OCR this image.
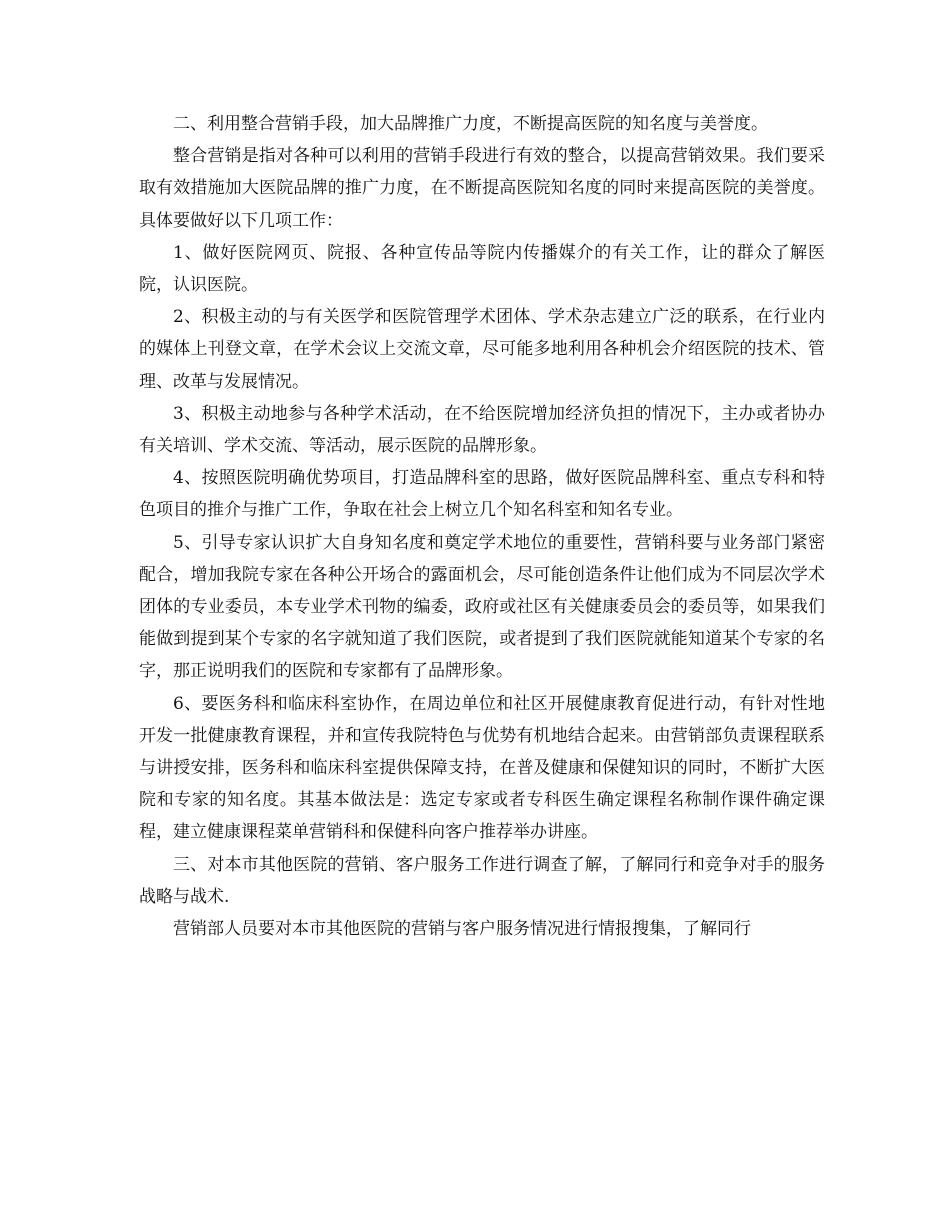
二、利用整合营销手段，加大品牌推广力度，不断提高医院的知名度与美誉度。

整合营销是指对各种可以利用的营销手段进行有效的整合，以提高营销效果。我们要采取有效措施加大医院品牌的推广力度，在不断提高医院知名度的同时来提高医院的美誉度。具体要做好以下几项工作：

1、做好医院网页、院报、各种宣传品等院内传播媒介的有关工作，让的群众了解医院，认识医院。

2、积极主动的与有关医学和医院管理学术团体、学术杂志建立广泛的联系，在行业内的媒体上刊登文章，在学术会议上交流文章，尽可能多地利用各种机会介绍医院的技术、管理、改革与发展情况。

3、积极主动地参与各种学术活动，在不给医院增加经济负担的情况下，主办或者协办有关培训、学术交流、等活动，展示医院的品牌形象。

4、按照医院明确优势项目，打造品牌科室的思路，做好医院品牌科室、重点专科和特色项目的推介与推广工作，争取在社会上树立几个知名科室和知名专业。

5、引导专家认识扩大自身知名度和奠定学术地位的重要性，营销科要与业务部门紧密配合，增加我院专家在各种公开场合的露面机会，尽可能创造条件让他们成为不同层次学术团体的专业委员，本专业学术刊物的编委，政府或社区有关健康委员会的委员等，如果我们能做到提到某个专家的名字就知道了我们医院，或者提到了我们医院就能知道某个专家的名字，那正说明我们的医院和专家都有了品牌形象。

6、要医务科和临床科室协作，在周边单位和社区开展健康教育促进行动，有针对性地开发一批健康教育课程，并和宣传我院特色与优势有机地结合起来。由营销部负责课程联系与讲授安排，医务科和临床科室提供保障支持，在普及健康和保健知识的同时，不断扩大医院和专家的知名度。其基本做法是：选定专家或者专科医生确定课程名称制作课件确定课程，建立健康课程菜单营销科和保健科向客户推荐举办讲座。

三、对本市其他医院的营销、客户服务工作进行调查了解，了解同行和竞争对手的服务战略与战术.

营销部人员要对本市其他医院的营销与客户服务情况进行情报搜集，了解同行
